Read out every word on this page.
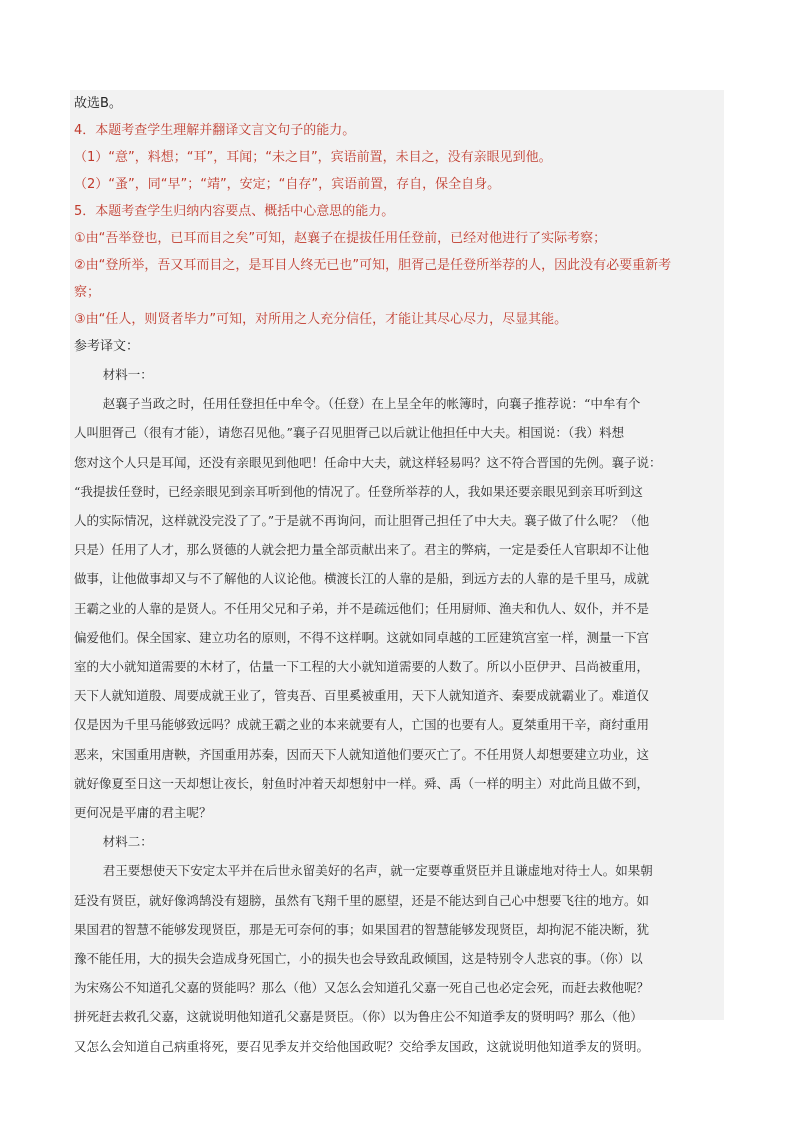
故选B。

4．本题考查学生理解并翻译文言文句子的能力。

（1）“意”，料想；“耳”，耳闻；“未之目”，宾语前置，未目之，没有亲眼见到他。

（2）“蚤”，同“早”；“靖”，安定；“自存”，宾语前置，存自，保全自身。

5．本题考查学生归纳内容要点、概括中心意思的能力。

①由“吾举登也，已耳而目之矣”可知，赵襄子在提拔任用任登前，已经对他进行了实际考察；

②由“登所举，吾又耳而目之，是耳目人终无已也”可知，胆胥己是任登所举荐的人，因此没有必要重新考

察；

③由“任人，则贤者毕力”可知，对所用之人充分信任，才能让其尽心尽力，尽显其能。

参考译文：

材料一：

赵襄子当政之时，任用任登担任中牟令。（任登）在上呈全年的帐簿时，向襄子推荐说：“中牟有个

人叫胆胥己（很有才能），请您召见他。”襄子召见胆胥己以后就让他担任中大夫。相国说：（我）料想

您对这个人只是耳闻，还没有亲眼见到他吧！任命中大夫，就这样轻易吗？这不符合晋国的先例。襄子说：

“我提拔任登时，已经亲眼见到亲耳听到他的情况了。任登所举荐的人，我如果还要亲眼见到亲耳听到这

人的实际情况，这样就没完没了了。”于是就不再询问，而让胆胥己担任了中大夫。襄子做了什么呢？（他

只是）任用了人才，那么贤德的人就会把力量全部贡献出来了。君主的弊病，一定是委任人官职却不让他

做事，让他做事却又与不了解他的人议论他。横渡长江的人靠的是船，到远方去的人靠的是千里马，成就

王霸之业的人靠的是贤人。不任用父兄和子弟，并不是疏远他们；任用厨师、渔夫和仇人、奴仆，并不是

偏爱他们。保全国家、建立功名的原则，不得不这样啊。这就如同卓越的工匠建筑宫室一样，测量一下宫

室的大小就知道需要的木材了，估量一下工程的大小就知道需要的人数了。所以小臣伊尹、吕尚被重用，

天下人就知道殷、周要成就王业了，管夷吾、百里奚被重用，天下人就知道齐、秦要成就霸业了。难道仅

仅是因为千里马能够致远吗？成就王霸之业的本来就要有人，亡国的也要有人。夏桀重用干辛，商纣重用

恶来，宋国重用唐鞅，齐国重用苏秦，因而天下人就知道他们要灭亡了。不任用贤人却想要建立功业，这

就好像夏至日这一天却想让夜长，射鱼时冲着天却想射中一样。舜、禹（一样的明主）对此尚且做不到，

更何况是平庸的君主呢？

材料二：

君王要想使天下安定太平并在后世永留美好的名声，就一定要尊重贤臣并且谦虚地对待士人。如果朝

廷没有贤臣，就好像鸿鹄没有翅膀，虽然有飞翔千里的愿望，还是不能达到自己心中想要飞往的地方。如

果国君的智慧不能够发现贤臣，那是无可奈何的事；如果国君的智慧能够发现贤臣，却拘泥不能决断，犹

豫不能任用，大的损失会造成身死国亡，小的损失也会导致乱政倾国，这是特别令人悲哀的事。（你）以

为宋殇公不知道孔父嘉的贤能吗？那么（他）又怎么会知道孔父嘉一死自己也必定会死，而赶去救他呢？

拼死赶去救孔父嘉，这就说明他知道孔父嘉是贤臣。（你）以为鲁庄公不知道季友的贤明吗？那么（他）

又怎么会知道自己病重将死，要召见季友并交给他国政呢？交给季友国政，这就说明他知道季友的贤明。
